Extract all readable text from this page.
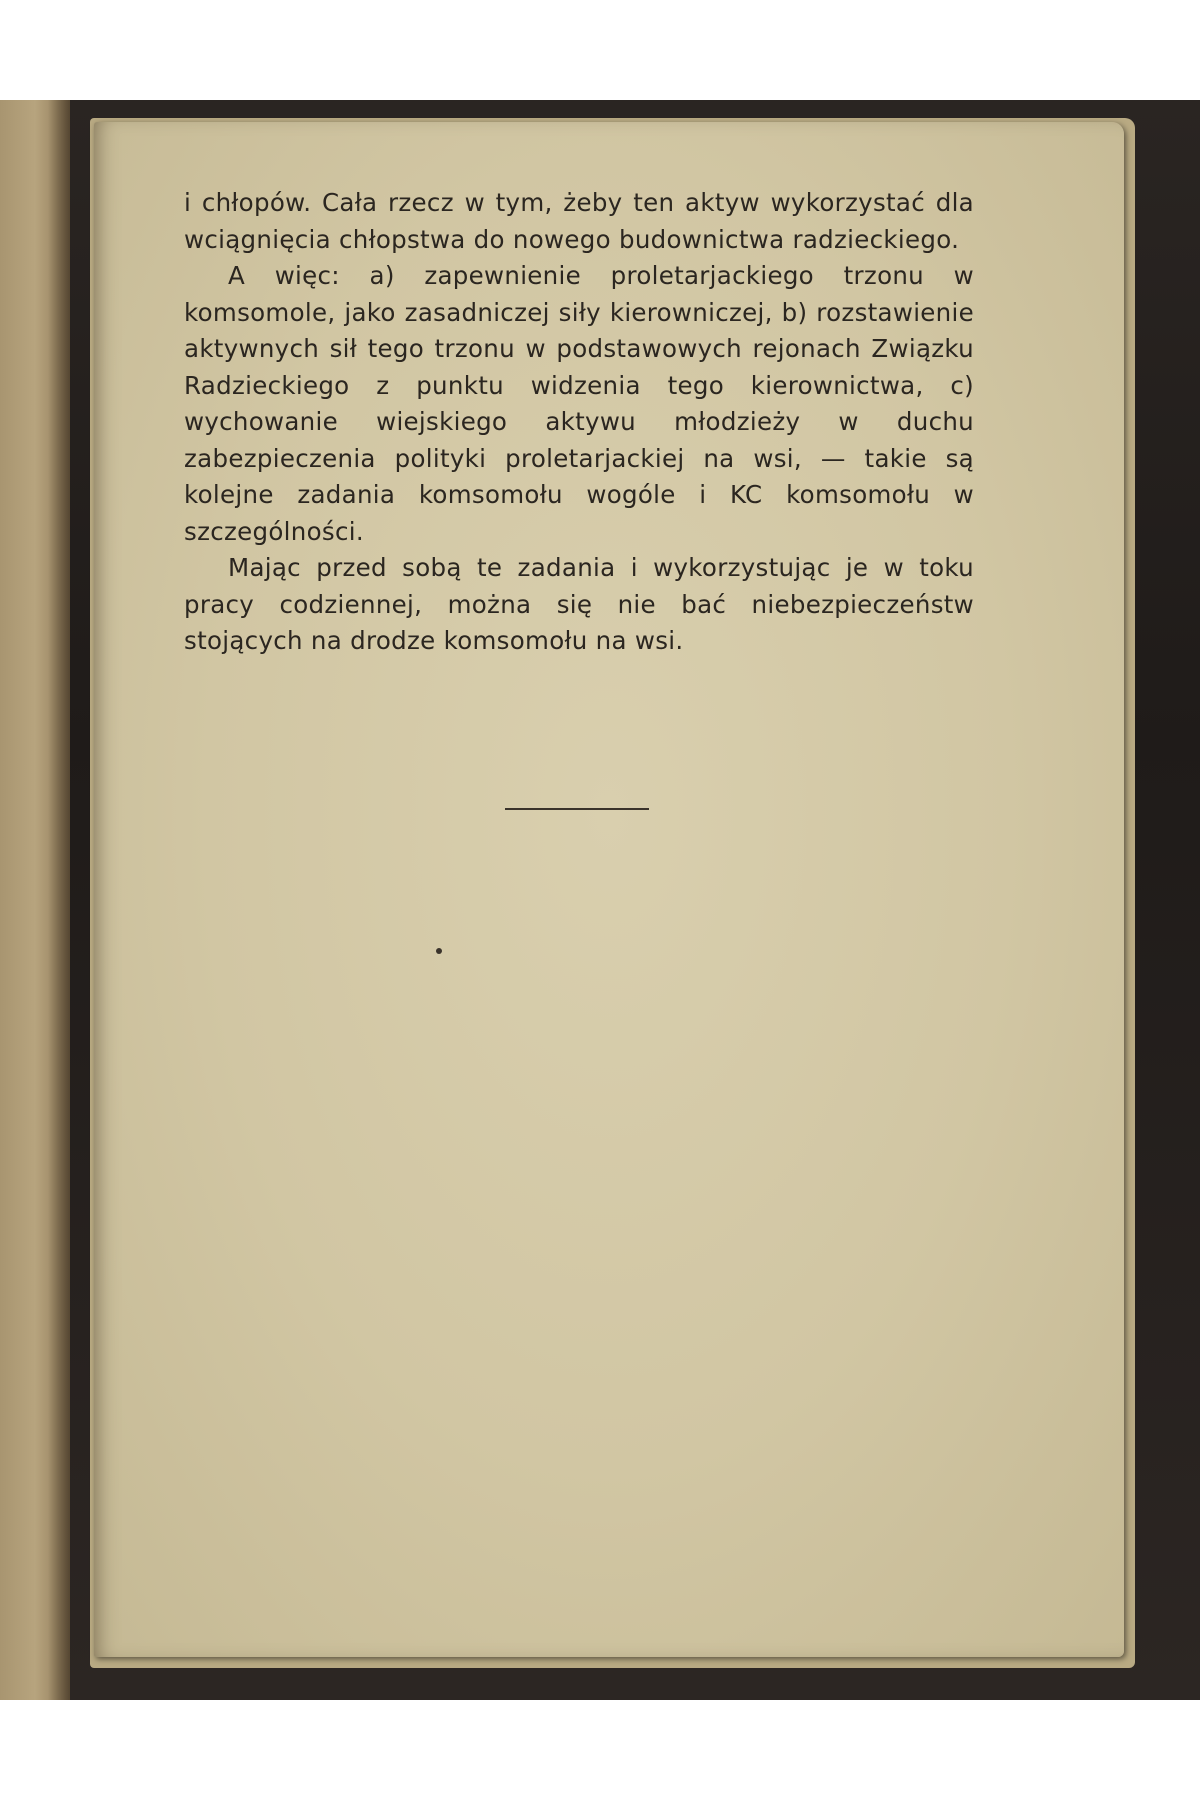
i chłopów. Cała rzecz w tym, żeby ten aktyw wykorzystać dla wciągnięcia chłopstwa do nowego budownictwa radzieckiego.

A więc: a) zapewnienie proletarjackiego trzonu w komsomole, jako zasadniczej siły kierowniczej, b) rozstawienie aktywnych sił tego trzonu w podstawowych rejonach Związku Radzieckiego z punktu widzenia tego kierownictwa, c) wychowanie wiejskiego aktywu młodzieży w duchu zabezpieczenia polityki proletarjackiej na wsi, — takie są kolejne zadania komsomołu wogóle i KC komsomołu w szczególności.

Mając przed sobą te zadania i wykorzystując je w toku pracy codziennej, można się nie bać niebezpieczeństw stojących na drodze komsomołu na wsi.
